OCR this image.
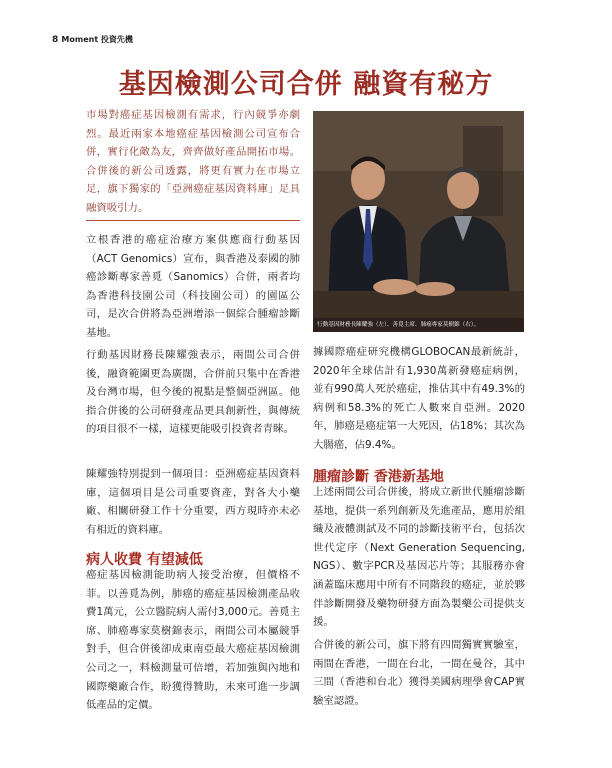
8 Moment 投資先機
基因檢測公司合併 融資有秘方

市場對癌症基因檢測有需求，行內競爭亦劇烈。最近兩家本地癌症基因檢測公司宣布合併，實行化敵為友，齊齊做好產品開拓市場。合併後的新公司透露，將更有實力在市場立足，旗下獨家的「亞洲癌症基因資料庫」足具融資吸引力。

立根香港的癌症治療方案供應商行動基因（ACT Genomics）宣布，與香港及泰國的肺癌診斷專家善覓（Sanomics）合併，兩者均為香港科技園公司（科技園公司）的園區公司，是次合併將為亞洲增添一個綜合腫瘤診斷基地。

行動基因財務長陳耀強表示，兩間公司合併後，融資範圍更為廣闊，合併前只集中在香港及台灣市場，但今後的視點是整個亞洲區。他指合併後的公司研發產品更具創新性，與傳統的項目很不一樣，這樣更能吸引投資者青睞。

陳耀強特別提到一個項目：亞洲癌症基因資料庫，這個項目是公司重要資產，對各大小藥廠、相關研發工作十分重要，西方現時亦未必有相近的資料庫。

病人收費 有望減低

癌症基因檢測能助病人接受治療，但價格不菲。以善覓為例，肺癌的癌症基因檢測產品收費1萬元，公立醫院病人需付3,000元。善覓主席、肺癌專家莫樹錦表示，兩間公司本屬競爭對手，但合併後卻成東南亞最大癌症基因檢測公司之一，料檢測量可倍增，若加強與內地和國際藥廠合作，盼獲得贊助，未來可進一步調低產品的定價。

行動基因財務長陳耀強（左）、善覓主席、肺癌專家莫樹錦（右）。

據國際癌症研究機構GLOBOCAN最新統計，2020年全球估計有1,930萬新發癌症病例，並有990萬人死於癌症，推估其中有49.3%的病例和58.3%的死亡人數來自亞洲。2020年，肺癌是癌症第一大死因，佔18%；其次為大腸癌，佔9.4%。

腫瘤診斷 香港新基地

上述兩間公司合併後，將成立新世代腫瘤診斷基地，提供一系列創新及先進產品，應用於組織及液體測試及不同的診斷技術平台，包括次世代定序（Next Generation Sequencing, NGS）、數字PCR及基因芯片等；其服務亦會涵蓋臨床應用中所有不同階段的癌症，並於夥伴診斷開發及藥物研發方面為製藥公司提供支援。

合併後的新公司，旗下將有四間獨實實驗室，兩間在香港，一間在台北，一間在曼谷，其中三間（香港和台北）獲得美國病理學會CAP實驗室認證。
